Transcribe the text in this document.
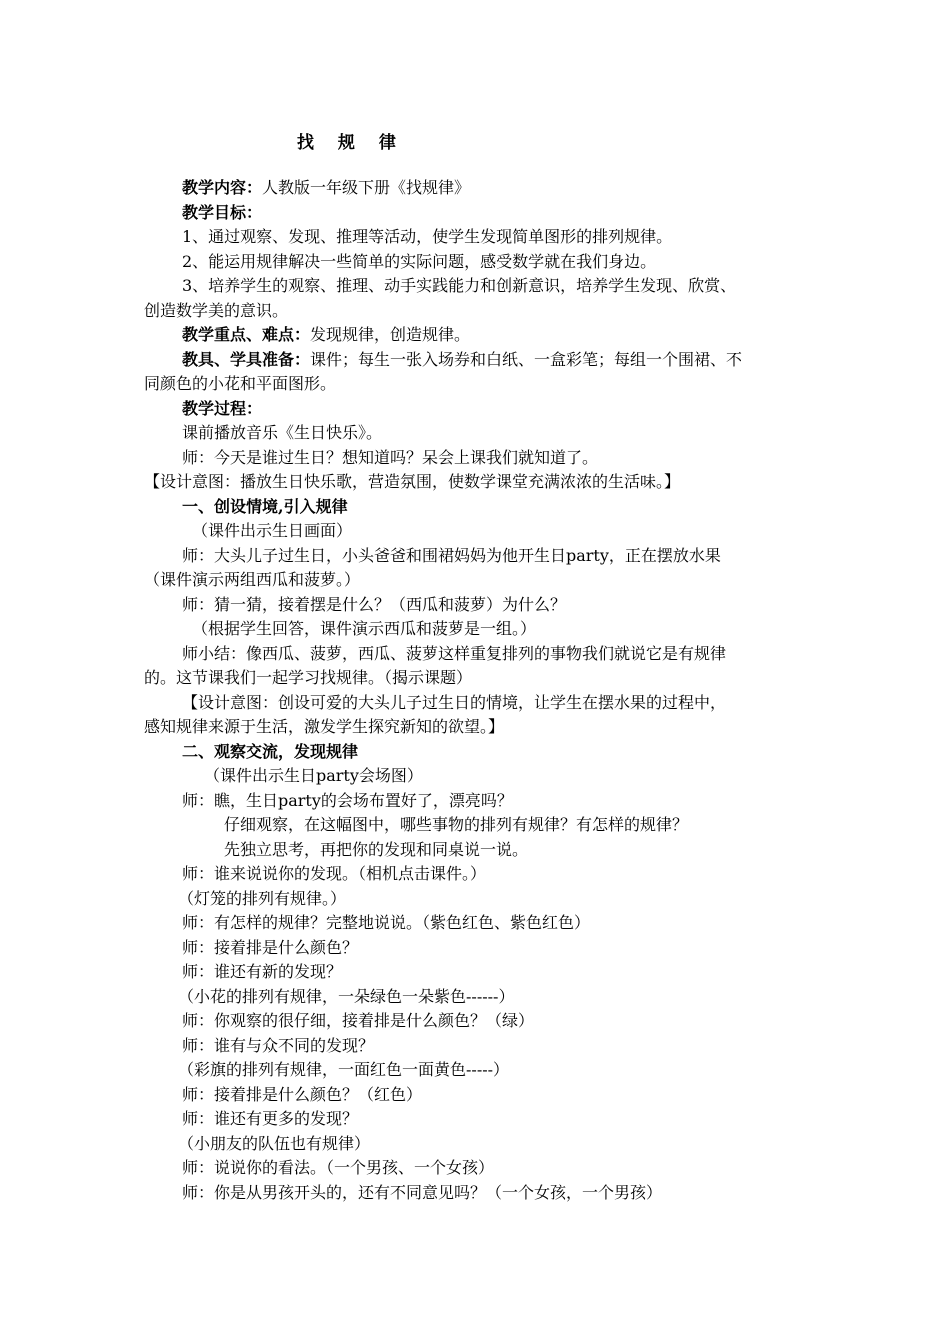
找 规 律
教学内容：人教版一年级下册《找规律》
教学目标：
1、通过观察、发现、推理等活动，使学生发现简单图形的排列规律。
2、能运用规律解决一些简单的实际问题，感受数学就在我们身边。
3、培养学生的观察、推理、动手实践能力和创新意识，培养学生发现、欣赏、
创造数学美的意识。
教学重点、难点：发现规律，创造规律。
教具、学具准备：课件；每生一张入场券和白纸、一盒彩笔；每组一个围裙、不
同颜色的小花和平面图形。
教学过程：
课前播放音乐《生日快乐》。
师：今天是谁过生日？想知道吗？呆会上课我们就知道了。
【设计意图：播放生日快乐歌，营造氛围，使数学课堂充满浓浓的生活味。】
一、创设情境,引入规律
（课件出示生日画面）
师：大头儿子过生日，小头爸爸和围裙妈妈为他开生日party，正在摆放水果
（课件演示两组西瓜和菠萝。）
师：猜一猜，接着摆是什么？（西瓜和菠萝）为什么？
（根据学生回答，课件演示西瓜和菠萝是一组。）
师小结：像西瓜、菠萝，西瓜、菠萝这样重复排列的事物我们就说它是有规律
的。这节课我们一起学习找规律。（揭示课题）
【设计意图：创设可爱的大头儿子过生日的情境，让学生在摆水果的过程中，
感知规律来源于生活，激发学生探究新知的欲望。】
二、观察交流，发现规律
（课件出示生日party会场图）
师：瞧，生日party的会场布置好了，漂亮吗？
仔细观察，在这幅图中，哪些事物的排列有规律？有怎样的规律？
先独立思考，再把你的发现和同桌说一说。
师：谁来说说你的发现。（相机点击课件。）
（灯笼的排列有规律。）
师：有怎样的规律？完整地说说。（紫色红色、紫色红色）
师：接着排是什么颜色？
师：谁还有新的发现？
（小花的排列有规律，一朵绿色一朵紫色------）
师：你观察的很仔细，接着排是什么颜色？（绿）
师：谁有与众不同的发现？
（彩旗的排列有规律，一面红色一面黄色-----）
师：接着排是什么颜色？（红色）
师：谁还有更多的发现？
（小朋友的队伍也有规律）
师：说说你的看法。（一个男孩、一个女孩）
师：你是从男孩开头的，还有不同意见吗？（一个女孩，一个男孩）
